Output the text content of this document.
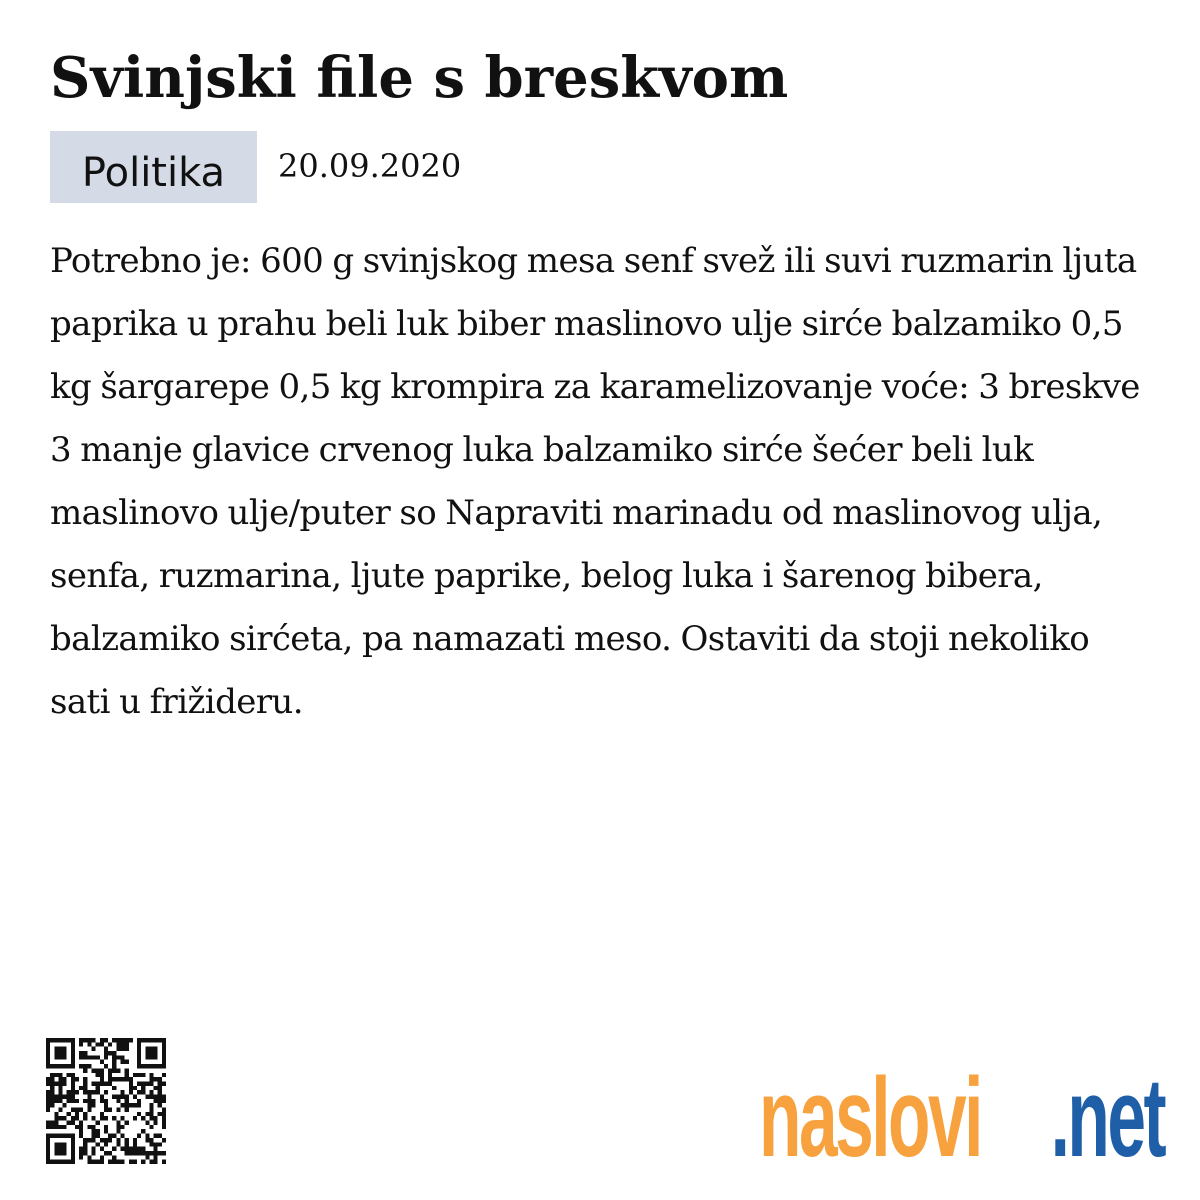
Svinjski file s breskvom
Politika	20.09.2020

Potrebno je: 600 g svinjskog mesa senf svež ili suvi ruzmarin ljuta paprika u prahu beli luk biber maslinovo ulje sirće balzamiko 0,5 kg šargarepe 0,5 kg krompira za karamelizovanje voće: 3 breskve 3 manje glavice crvenog luka balzamiko sirće šećer beli luk maslinovo ulje/puter so Napraviti marinadu od maslinovog ulja, senfa, ruzmarina, ljute paprike, belog luka i šarenog bibera, balzamiko sirćeta, pa namazati meso. Ostaviti da stoji nekoliko sati u frižideru.

naslovi .net
